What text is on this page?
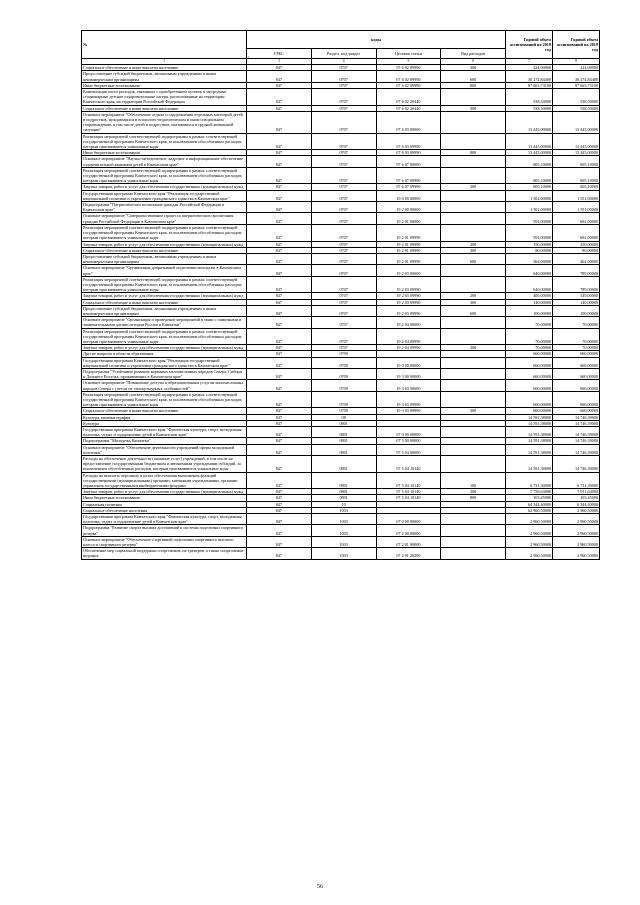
№	коды				Годовой объем ассигнований на 2018 год	Годовой объем ассигнований на 2019 год
	ГРБС	Раздел, под-раздел	Целевая статья	Вид расходов		
1	3	4	5	6	7	8
Социальное обеспечение и иные выплаты населению	847	0707	07 6 02 09990	300	224,00000	224,00000
Предоставление субсидий бюджетным, автономным учреждениям и иным некоммерческим организациям	847	0707	07 6 02 09990	600	30 274,84400	30 274,84400
Иные бюджетные ассигнования	847	0707	07 6 02 09990	800	87 663,73100	87 663,73100
Компенсация части расходов, связанных с приобретением путевок в загородные стационарные детские оздоровительные лагеря, расположенные на территории Камчатского края, на территории Российской Федерации	847	0707	07 6 02 20440		538,50000	538,50000
Социальное обеспечение и иные выплаты населению	847	0707	07 6 02 20440	300	538,50000	538,50000
Основное мероприятие "Обеспечение отдыха и оздоровления отдельных категорий детей и подростков, нуждающихся в психолого-педагогическом и ином специальном сопровождении, в том числе детей и подростков, оказавшихся в трудной жизненной ситуации"	847	0707	07 6 03 00000		13 445,00000	13 445,00000
Реализация мероприятий соответствующей подпрограммы в рамках соответствующей государственной программы Камчатского края, за исключением обособленных расходов, которым присваиваются уникальные коды	847	0707	07 6 03 09990		13 445,00000	13 445,00000
Иные бюджетные ассигнования	847	0707	07 6 03 09990	800	13 445,00000	13 445,00000
Основное мероприятие "Научно-методическое, кадровое и информационное обеспечение оздоровительной кампании детей в Камчатском крае"	847	0707	07 6 07 00000		605,10000	605,10000
Реализация мероприятий соответствующей подпрограммы в рамках соответствующей государственной программы Камчатского края, за исключением обособленных расходов, которым присваиваются уникальные коды	847	0707	07 6 07 09990		605,10000	605,10000
Закупка товаров, работ и услуг для обеспечения государственных (муниципальных) нужд	847	0707	07 6 07 09990	200	605,10000	605,10000
Государственная программа Камчатского края "Реализация государственной национальной политики и укрепление гражданского единства в Камчатском крае"	847	0707	19 0 00 00000		1 502,00000	1 551,00000
Подпрограмма "Патриотическое воспитание граждан Российской Федерации в Камчатском крае"	847	0707	19 2 00 00000		1 502,00000	1 551,00000
Основное мероприятие "Совершенствование процесса патриотического воспитания граждан Российской Федерации в Камчатском крае"	847	0707	19 2 01 00000		592,00000	692,00000
Реализация мероприятий соответствующей подпрограммы в рамках соответствующей государственной программы Камчатского края, за исключением обособленных расходов, которым присваиваются уникальные коды	847	0707	19 2 01 09990		592,00000	692,00000
Закупка товаров, работ и услуг для обеспечения государственных (муниципальных) нужд	847	0707	19 2 01 09990	200	150,00000	250,00000
Социальное обеспечение и иные выплаты населению	847	0707	19 2 01 09990	300	80,00000	80,00000
Предоставление субсидий бюджетным, автономным учреждениям и иным некоммерческим организациям	847	0707	19 2 01 09990	600	362,00000	462,00000
Основное мероприятие "Организация допризывной подготовки молодежи в Камчатском крае"	847	0707	19 2 03 00000		640,00000	789,00000
Реализация мероприятий соответствующей подпрограммы в рамках соответствующей государственной программы Камчатского края, за исключением обособленных расходов, которым присваиваются уникальные коды	847	0707	19 2 03 09990		640,00000	789,00000
Закупка товаров, работ и услуг для обеспечения государственных (муниципальных) нужд	847	0707	19 2 03 09990	200	400,00000	549,00000
Социальное обеспечение и иные выплаты населению	847	0707	19 2 03 09990	300	140,00000	140,00000
Предоставление субсидий бюджетным, автономным учреждениям и иным некоммерческим организациям	847	0707	19 2 03 09990	600	100,00000	100,00000
Основное мероприятие "Организация и проведение мероприятий в связи с памятными и знаменательными датами истории России и Камчатки"	847	0707	19 2 04 00000		70,00000	70,00000
Реализация мероприятий соответствующей подпрограммы в рамках соответствующей государственной программы Камчатского края, за исключением обособленных расходов, которым присваиваются уникальные коды	847	0707	19 2 04 09990		70,00000	70,00000
Закупка товаров, работ и услуг для обеспечения государственных (муниципальных) нужд	847	0707	19 2 04 09990	200	70,00000	70,00000
Другие вопросы в области образования	847	0709			660,00000	660,00000
Государственная программа Камчатского края "Реализация государственной национальной политики и укрепление гражданского единства в Камчатском крае"	847	0709	19 0 00 00000		660,00000	660,00000
Подпрограмма "Устойчивое развитие коренных малочисленных народов Севера, Сибири и Дальнего Востока, проживающих в Камчатском крае"	847	0709	19 3 00 00000		660,00000	660,00000
Основное мероприятие "Повышение доступа к образовательным услугам малочисленных народов Севера с учетом их этнокультурных особенностей"	847	0709	19 3 03 00000		660,00000	660,00000
Реализация мероприятий соответствующей подпрограммы в рамках соответствующей государственной программы Камчатского края, за исключением обособленных расходов, которым присваиваются уникальные коды	847	0709	19 3 03 09990		660,00000	660,00000
Социальное обеспечение и иные выплаты населению	847	0709	19 3 03 09990	300	660,00000	660,00000
Культура, кинематография	847	08			14 591,38000	14 746,39000
Культура	847	0801			14 591,38000	14 746,39000
Государственная программа Камчатского края "Физическая культура, спорт, молодежная политика, отдых и оздоровление детей в Камчатском крае"	847	0801	07 0 00 00000		14 591,38000	14 746,39000
Подпрограмма "Молодежь Камчатки"	847	0801	07 5 00 00000		14 591,38000	14 746,39000
Основное мероприятие "Обеспечение деятельности учреждений сферы молодежной политики"	847	0801	07 5 04 00000		14 591,38000	14 746,39000
Расходы на обеспечение деятельности (оказание услуг) учреждений, в том числе на предоставление государственным бюджетным и автономным учреждениям субсидий, за исключением обособленных расходов, которым присваиваются уникальные коды	847	0801	07 5 04 10140		14 591,38000	14 746,39000
Расходы на выплаты персоналу в целях обеспечения выполнения функций государственными (муниципальными) органами, казенными учреждениями, органами управления государственными внебюджетными фондами	847	0801	07 5 04 10140	100	6 731,30000	6 731,30000
Закупка товаров, работ и услуг для обеспечения государственных (муниципальных) нужд	847	0801	07 5 04 10140	200	7 756,63000	7 911,64000
Иные бюджетные ассигнования	847	0801	07 5 04 10140	800	103,45000	103,45000
Социальная политика	847	10			64 344,40000	6 344,40000
Социальное обеспечение населения	847	1003			62 960,50000	2 960,50000
Государственная программа Камчатского края "Физическая культура, спорт, молодежная политика, отдых и оздоровление детей в Камчатском крае"	847	1003	07 0 00 00000		2 960,50000	2 960,50000
Подпрограмма "Развитие спорта высших достижений и системы подготовки спортивного резерва"	847	1003	07 2 00 00000		2 960,50000	2 960,50000
Основное мероприятие "Обеспечение спортивной подготовки спортивного высшего класса и спортивного резерва"	847	1003	07 2 01 00000		2 960,50000	2 960,50000
Обеспечение мер социальной поддержки спортсменов, их тренеров, а также спортсменов-ведущих	847	1003	07 2 01 20290		2 960,50000	2 960,50000
2
56
